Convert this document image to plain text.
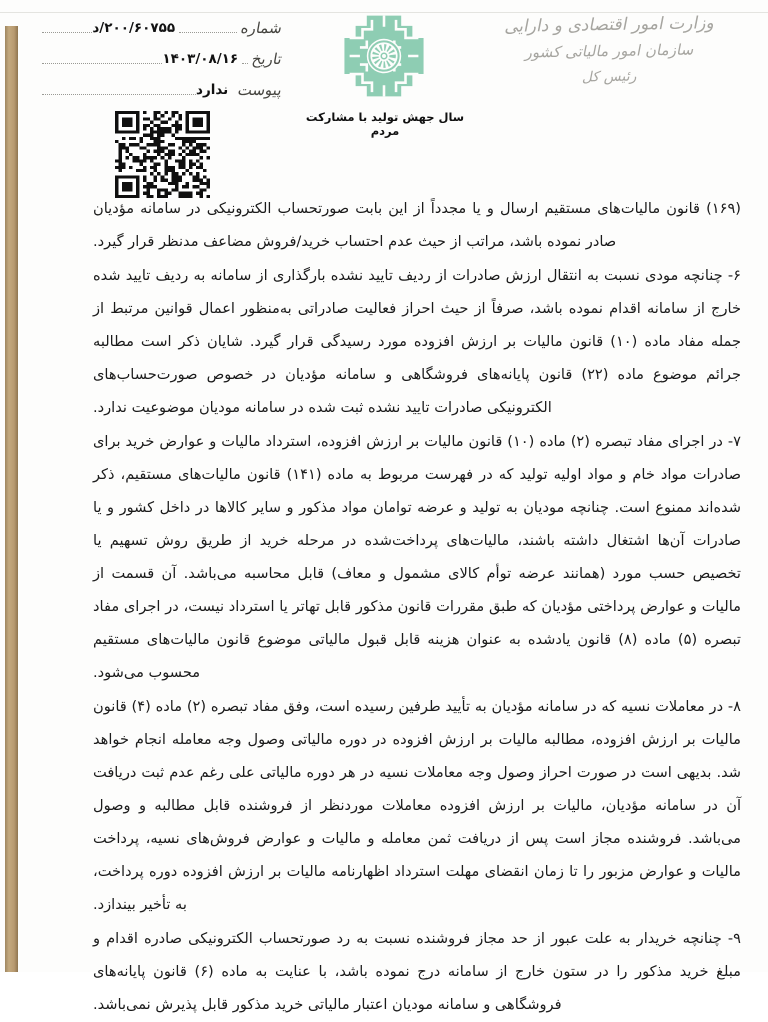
شماره
۲۰۰/۶۰۷۵۵/د
تاریخ
۱۴۰۳/۰۸/۱۶
پیوست
ندارد
سال جهش تولید با مشارکت مردم
وزارت امور اقتصادی و دارایی
سازمان امور مالیاتی کشور
رئیس کل

(۱۶۹) قانون مالیات‌های مستقیم ارسال و یا مجدداً از این بابت صورتحساب الکترونیکی در سامانه مؤدیان صادر نموده باشد، مراتب از حیث عدم احتساب خرید/فروش مضاعف مدنظر قرار گیرد.

۶- چنانچه مودی نسبت به انتقال ارزش صادرات از ردیف تایید نشده بارگذاری از سامانه به ردیف تایید شده خارج از سامانه اقدام نموده باشد، صرفاً از حیث احراز فعالیت صادراتی به‌منظور اعمال قوانین مرتبط از جمله مفاد ماده (۱۰) قانون مالیات بر ارزش افزوده مورد رسیدگی قرار گیرد. شایان ذکر است مطالبه جرائم موضوع ماده (۲۲) قانون پایانه‌های فروشگاهی و سامانه مؤدیان در خصوص صورت‌حساب‌های الکترونیکی صادرات تایید نشده ثبت شده در سامانه مودیان موضوعیت ندارد.

۷- در اجرای مفاد تبصره (۲) ماده (۱۰) قانون مالیات بر ارزش افزوده، استرداد مالیات و عوارض خرید برای صادرات مواد خام و مواد اولیه تولید که در فهرست مربوط به ماده (۱۴۱) قانون مالیات‌های مستقیم، ذکر شده‌اند ممنوع است. چنانچه مودیان به تولید و عرضه توامان مواد مذکور و سایر کالاها در داخل کشور و یا صادرات آن‌ها اشتغال داشته باشند، مالیات‌های پرداخت‌شده در مرحله خرید از طریق روش تسهیم یا تخصیص حسب مورد (همانند عرضه توأم کالای مشمول و معاف) قابل محاسبه می‌باشد. آن قسمت از مالیات و عوارض پرداختی مؤدیان که طبق مقررات قانون مذکور قابل تهاتر یا استرداد نیست، در اجرای مفاد تبصره (۵) ماده (۸) قانون یادشده به عنوان هزینه قابل قبول مالیاتی موضوع قانون مالیات‌های مستقیم محسوب می‌شود.

۸- در معاملات نسیه که در سامانه مؤدیان به تأیید طرفین رسیده است، وفق مفاد تبصره (۲) ماده (۴) قانون مالیات بر ارزش افزوده، مطالبه مالیات بر ارزش افزوده در دوره مالیاتی وصول وجه معامله انجام خواهد شد. بدیهی است در صورت احراز وصول وجه معاملات نسیه در هر دوره مالیاتی علی رغم عدم ثبت دریافت آن در سامانه مؤدیان، مالیات بر ارزش افزوده معاملات موردنظر از فروشنده قابل مطالبه و وصول می‌باشد. فروشنده مجاز است پس از دریافت ثمن معامله و مالیات و عوارض فروش‌های نسیه، پرداخت مالیات و عوارض مزبور را تا زمان انقضای مهلت استرداد اظهارنامه مالیات بر ارزش افزوده دوره پرداخت، به تأخیر بیندازد.

۹- چنانچه خریدار به علت عبور از حد مجاز فروشنده نسبت به رد صورتحساب الکترونیکی صادره اقدام و مبلغ خرید مذکور را در ستون خارج از سامانه درج نموده باشد، با عنایت به ماده (۶) قانون پایانه‌های فروشگاهی و سامانه مودیان اعتبار مالیاتی خرید مذکور قابل پذیرش نمی‌باشد.
